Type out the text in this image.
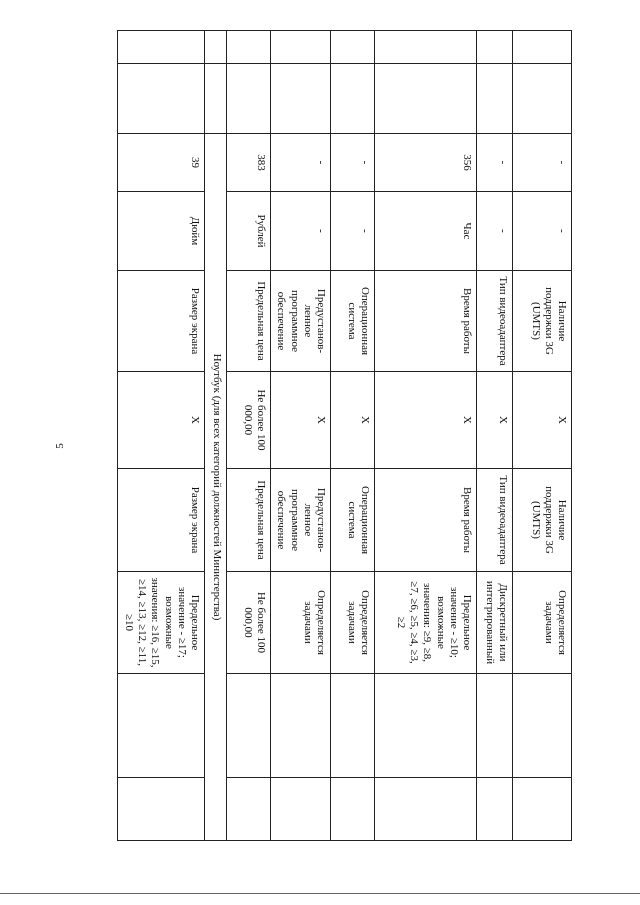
5
		-	-	Наличие поддержки 3G (UMTS)	X	Наличие поддержки 3G (UMTS)	Определяется задачами		
		-	-	Тип видеоадаптера	X	Тип видеоадаптера	Дискретный или интегрированный		
		356	Час	Время работы	X	Время работы	Предельное значение - ≥10; возможные значения: ≥9, ≥8, ≥7, ≥6, ≥5, ≥4, ≥3, ≥2		
		-	-	Операционная система	X	Операционная система	Определяется задачами		
		-	-	Предустанов-ленное программное обеспечение	X	Предустанов-ленное программное обеспечение	Определяется задачами		
		383	Рублей	Предельная цена	Не более 100 000,00	Предельная цена	Не более 100 000,00		
		Ноутбук (для всех категорий должностей Министерства)							
		39	Дюйм	Размер экрана	X	Размер экрана	Предельное значение - ≥17; возможные значения: ≥16, ≥15, ≥14, ≥13, ≥12, ≥11, ≥10		
